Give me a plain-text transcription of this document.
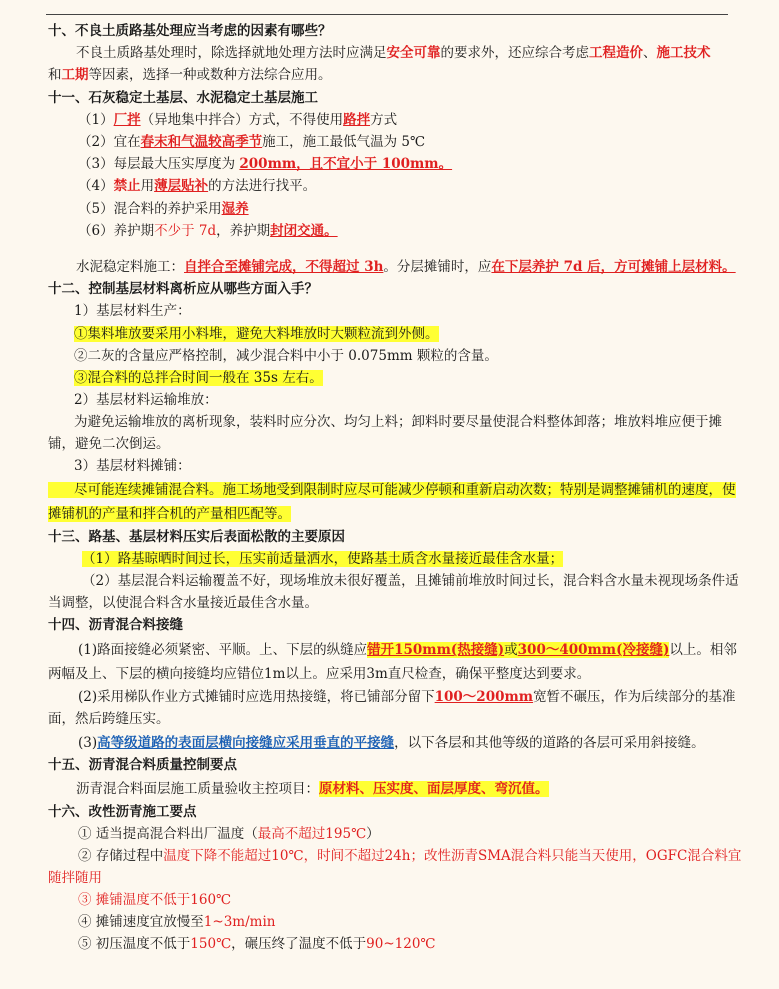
十、不良土质路基处理应当考虑的因素有哪些？
不良土质路基处理时，除选择就地处理方法时应满足安全可靠的要求外，还应综合考虑工程造价、施工技术
和工期等因素，选择一种或数种方法综合应用。
十一、石灰稳定土基层、水泥稳定土基层施工
（1）厂拌（异地集中拌合）方式，不得使用路拌方式
（2）宜在春末和气温较高季节施工，施工最低气温为 5℃
（3）每层最大压实厚度为 200mm，且不宜小于 100mm。
（4）禁止用薄层贴补的方法进行找平。
（5）混合料的养护采用湿养
（6）养护期不少于 7d，养护期封闭交通。
水泥稳定料施工：自拌合至摊铺完成，不得超过 3h。分层摊铺时，应在下层养护 7d 后，方可摊铺上层材料。
十二、控制基层材料离析应从哪些方面入手？
1）基层材料生产：
①集料堆放要采用小料堆，避免大料堆放时大颗粒流到外侧。
②二灰的含量应严格控制，减少混合料中小于 0.075mm 颗粒的含量。
③混合料的总拌合时间一般在 35s 左右。
2）基层材料运输堆放：
为避免运输堆放的离析现象，装料时应分次、均匀上料；卸料时要尽量使混合料整体卸落；堆放料堆应便于摊铺，避免二次倒运。
3）基层材料摊铺：
尽可能连续摊铺混合料。施工场地受到限制时应尽可能减少停顿和重新启动次数；特别是调整摊铺机的速度，使摊铺机的产量和拌合机的产量相匹配等。
十三、路基、基层材料压实后表面松散的主要原因
（1）路基晾晒时间过长，压实前适量洒水，使路基土质含水量接近最佳含水量；
（2）基层混合料运输覆盖不好，现场堆放未很好覆盖，且摊铺前堆放时间过长，混合料含水量未视现场条件适当调整，以使混合料含水量接近最佳含水量。
十四、沥青混合料接缝
(1)路面接缝必须紧密、平顺。上、下层的纵缝应错开150mm(热接缝)或300～400mm(冷接缝)以上。相邻两幅及上、下层的横向接缝均应错位1m以上。应采用3m直尺检查，确保平整度达到要求。
(2)采用梯队作业方式摊铺时应选用热接缝，将已铺部分留下100～200mm宽暂不碾压，作为后续部分的基准面，然后跨缝压实。
(3)高等级道路的表面层横向接缝应采用垂直的平接缝，以下各层和其他等级的道路的各层可采用斜接缝。
十五、沥青混合料质量控制要点
沥青混合料面层施工质量验收主控项目：原材料、压实度、面层厚度、弯沉值。
十六、改性沥青施工要点
① 适当提高混合料出厂温度（最高不超过195℃）
② 存储过程中温度下降不能超过10℃，时间不超过24h；改性沥青SMA混合料只能当天使用，OGFC混合料宜随拌随用
③ 摊铺温度不低于160℃
④ 摊铺速度宜放慢至1~3m/min
⑤ 初压温度不低于150℃，碾压终了温度不低于90~120℃
